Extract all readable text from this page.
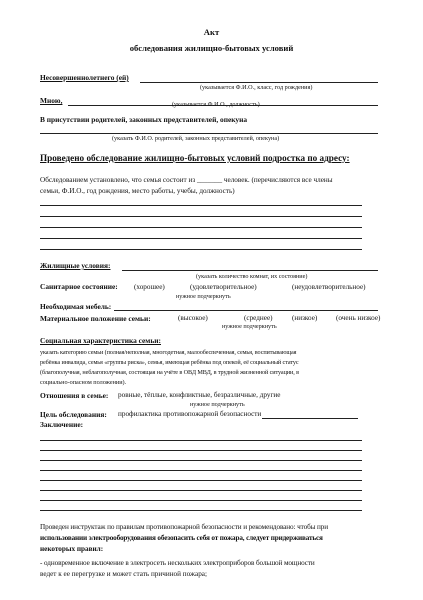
Акт
обследования жилищно-бытовых условий
Несовершеннолетнего (ей)
(указывается Ф.И.О., класс, год рождения)
Мною,	(указывается Ф.И.О., должность)
В присутствии родителей, законных представителей, опекуна
(указать Ф.И.О. родителей, законных представителей, опекуна)
Проведено обследование жилищно-бытовых условий подростка по адресу:
Обследованием установлено, что семья состоит из _______ человек. (перечисляются все члены
семьи, Ф.И.О., год рождения, место работы, учебы, должность)
Жилищные условия:
(указать количество комнат, их состояние)
Санитарное состояние: (хорошее)	(удовлетворительное)	(неудовлетворительное)
нужное подчеркнуть
Необходимая мебель:
Материальное положение семьи:	(высокое)	(среднее)	(низкое)	(очень низкое)
нужное подчеркнуть
Социальная характеристика семьи:
указать категорию семьи (полная/неполная, многодетная, малообеспеченная, семья, воспитывающая
ребёнка инвалида, семья «группы риска», семья, имеющая ребёнка под опекой, её социальный статус
(благополучная, неблагополучная, состоящая на учёте в ОВД МВД, в трудной жизненной ситуации, в
социально-опасном положении).
Отношения в семье: ровные, тёплые, конфликтные, безразличные, другие
нужное подчеркнуть
Цель обследования: профилактика противопожарной безопасности
Заключение:
Проведен инструктаж по правилам противопожарной безопасности и рекомендовано: чтобы при
использовании электрооборудования обезопасить себя от пожара, следует придерживаться
некоторых правил:
- одновременное включение в электросеть нескольких электроприборов большой мощности
ведет к ее перегрузке и может стать причиной пожара;
